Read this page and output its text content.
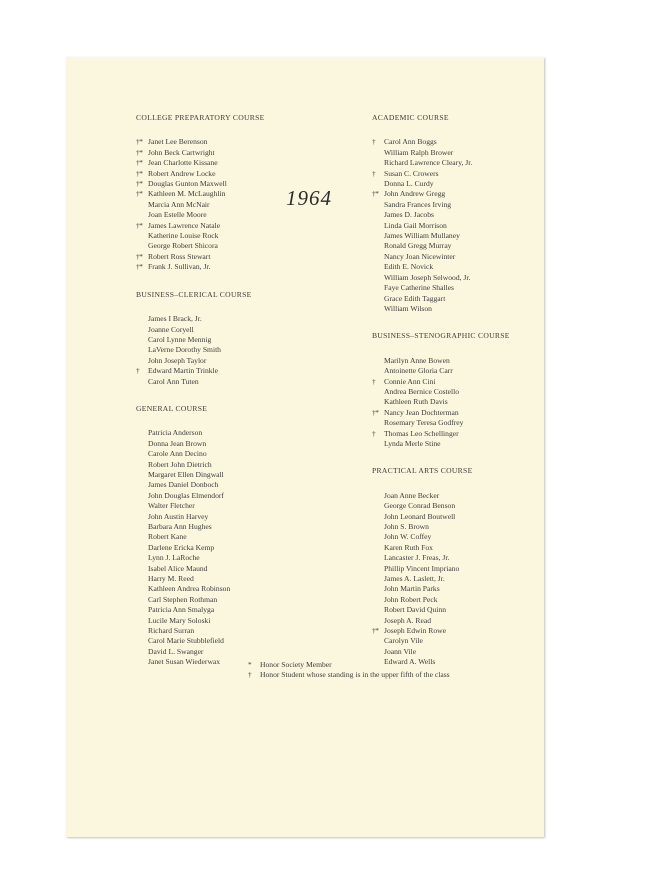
1964
COLLEGE PREPARATORY COURSE
†* Janet Lee Berenson
†* John Beck Cartwright
†* Jean Charlotte Kissane
†* Robert Andrew Locke
†* Douglas Gunton Maxwell
†* Kathleen M. McLaughlin
Marcia Ann McNair
Joan Estelle Moore
†* James Lawrence Natale
Katherine Louise Rock
George Robert Shicora
†* Robert Ross Stewart
†* Frank J. Sullivan, Jr.
BUSINESS–CLERICAL COURSE
James I Brack, Jr.
Joanne Coryell
Carol Lynne Mennig
LaVerne Dorothy Smith
John Joseph Taylor
† Edward Martin Trinkle
Carol Ann Tuten
GENERAL COURSE
Patricia Anderson
Donna Jean Brown
Carole Ann Decino
Robert John Dietrich
Margaret Ellen Dingwall
James Daniel Donboch
John Douglas Elmendorf
Walter Fletcher
John Austin Harvey
Barbara Ann Hughes
Robert Kane
Darlene Ericka Kemp
Lynn J. LaRoche
Isabel Alice Maund
Harry M. Reed
Kathleen Andrea Robinson
Carl Stephen Rothman
Patricia Ann Smalyga
Lucile Mary Soloski
Richard Surran
Carol Marie Stubblefield
David L. Swanger
Janet Susan Wiederwax
ACADEMIC COURSE
† Carol Ann Boggs
William Ralph Brower
Richard Lawrence Cleary, Jr.
† Susan C. Crowers
Donna L. Curdy
†* John Andrew Gregg
Sandra Frances Irving
James D. Jacobs
Linda Gail Morrison
James William Mullaney
Ronald Gregg Murray
Nancy Joan Nicewinter
Edith E. Novick
William Joseph Selwood, Jr.
Faye Catherine Shalles
Grace Edith Taggart
William Wilson
BUSINESS–STENOGRAPHIC COURSE
Marilyn Anne Bowen
Antoinette Gloria Carr
† Connie Ann Cini
Andrea Bernice Costello
Kathleen Ruth Davis
†* Nancy Jean Dochterman
Rosemary Teresa Godfrey
† Thomas Leo Schellinger
Lynda Merle Stine
PRACTICAL ARTS COURSE
Joan Anne Becker
George Conrad Benson
John Leonard Boutwell
John S. Brown
John W. Coffey
Karen Ruth Fox
Lancaster J. Freas, Jr.
Phillip Vincent Impriano
James A. Laslett, Jr.
John Martin Parks
John Robert Peck
Robert David Quinn
Joseph A. Read
†* Joseph Edwin Rowe
Carolyn Vile
Joann Vile
Edward A. Wells
* Honor Society Member
† Honor Student whose standing is in the upper fifth of the class
